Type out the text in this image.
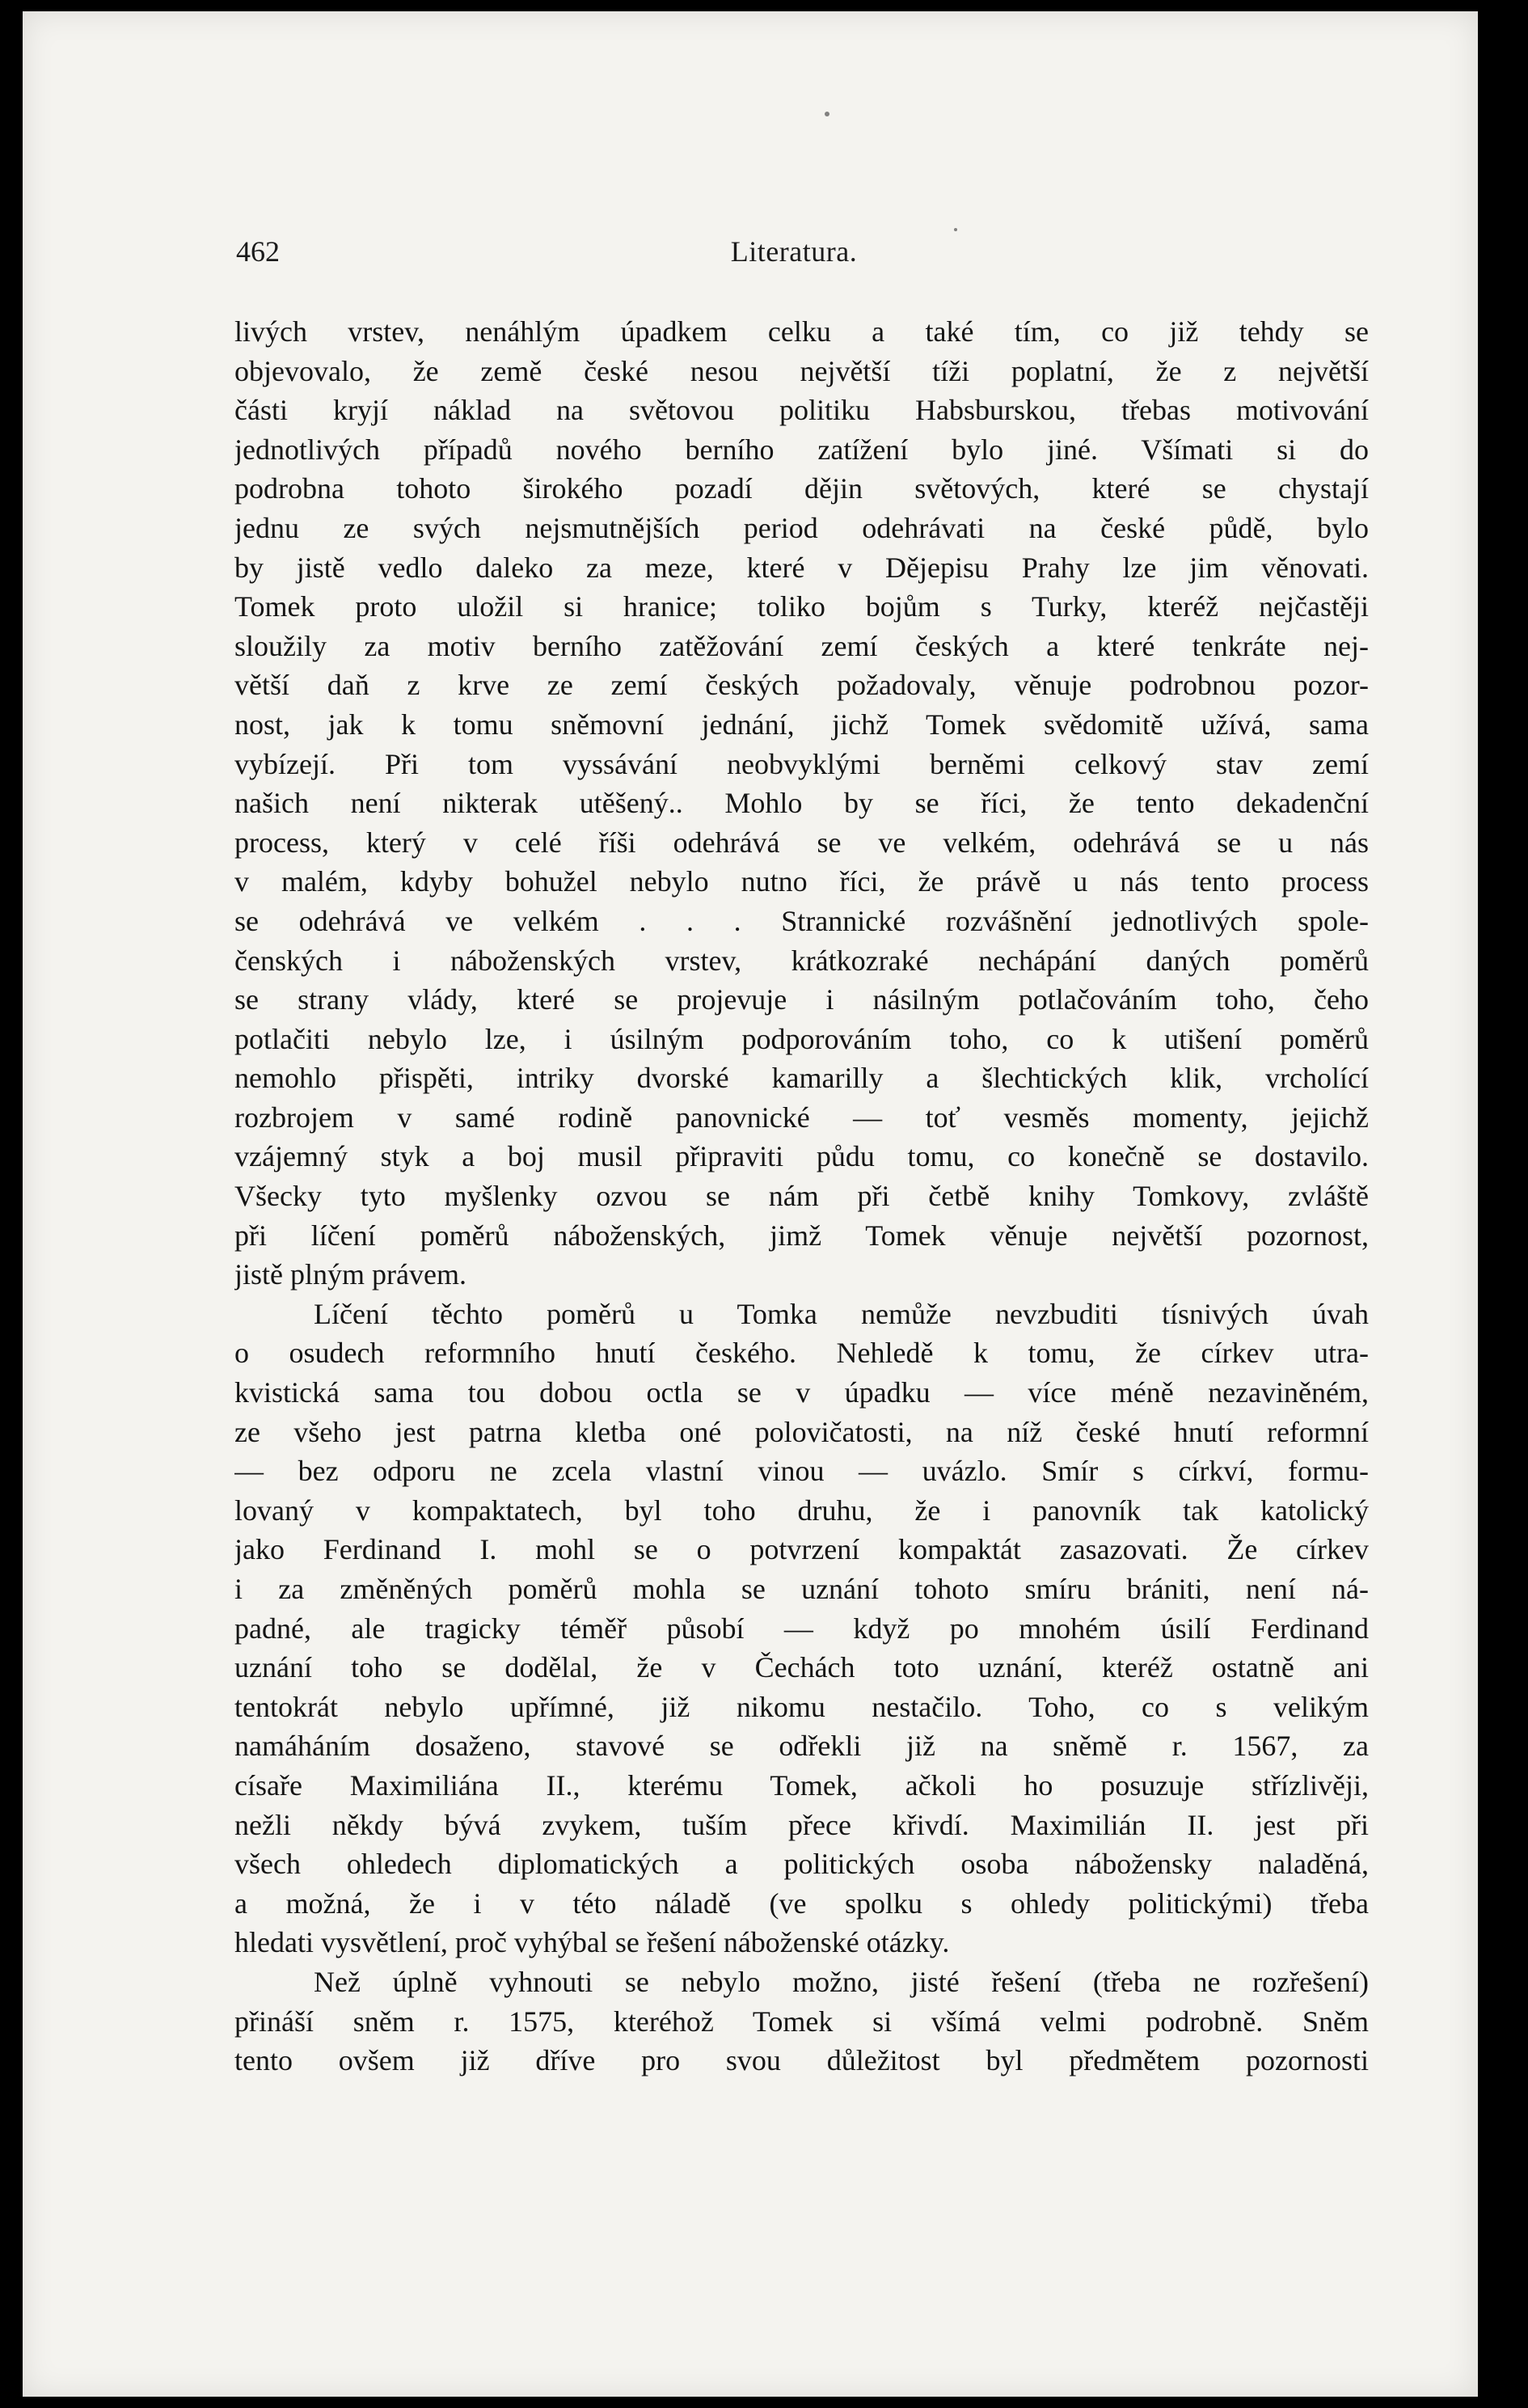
462	Literatura.
livých vrstev, nenáhlým úpadkem celku a také tím, co již tehdy se
objevovalo, že země české nesou největší tíži poplatní, že z největší
části kryjí náklad na světovou politiku Habsburskou, třebas motivování
jednotlivých případů nového berního zatížení bylo jiné. Všímati si do
podrobna tohoto širokého pozadí dějin světových, které se chystají
jednu ze svých nejsmutnějších period odehrávati na české půdě, bylo
by jistě vedlo daleko za meze, které v Dějepisu Prahy lze jim věnovati.
Tomek proto uložil si hranice; toliko bojům s Turky, kteréž nejčastěji
sloužily za motiv berního zatěžování zemí českých a které tenkráte nej-
větší daň z krve ze zemí českých požadovaly, věnuje podrobnou pozor-
nost, jak k tomu sněmovní jednání, jichž Tomek svědomitě užívá, sama
vybízejí. Při tom vyssávání neobvyklými berněmi celkový stav zemí
našich není nikterak utěšený.. Mohlo by se říci, že tento dekadenční
process, který v celé říši odehrává se ve velkém, odehrává se u nás
v malém, kdyby bohužel nebylo nutno říci, že právě u nás tento process
se odehrává ve velkém . . . Strannické rozvášnění jednotlivých spole-
čenských i náboženských vrstev, krátkozraké nechápání daných poměrů
se strany vlády, které se projevuje i násilným potlačováním toho, čeho
potlačiti nebylo lze, i úsilným podporováním toho, co k utišení poměrů
nemohlo přispěti, intriky dvorské kamarilly a šlechtických klik, vrcholící
rozbrojem v samé rodině panovnické — toť vesměs momenty, jejichž
vzájemný styk a boj musil připraviti půdu tomu, co konečně se dostavilo.
Všecky tyto myšlenky ozvou se nám při četbě knihy Tomkovy, zvláště
při líčení poměrů náboženských, jimž Tomek věnuje největší pozornost,
jistě plným právem.
Líčení těchto poměrů u Tomka nemůže nevzbuditi tísnivých úvah
o osudech reformního hnutí českého. Nehledě k tomu, že církev utra-
kvistická sama tou dobou octla se v úpadku — více méně nezaviněném,
ze všeho jest patrna kletba oné polovičatosti, na níž české hnutí reformní
— bez odporu ne zcela vlastní vinou — uvázlo. Smír s církví, formu-
lovaný v kompaktatech, byl toho druhu, že i panovník tak katolický
jako Ferdinand I. mohl se o potvrzení kompaktát zasazovati. Že církev
i za změněných poměrů mohla se uznání tohoto smíru brániti, není ná-
padné, ale tragicky téměř působí — když po mnohém úsilí Ferdinand
uznání toho se dodělal, že v Čechách toto uznání, kteréž ostatně ani
tentokrát nebylo upřímné, již nikomu nestačilo. Toho, co s velikým
namáháním dosaženo, stavové se odřekli již na sněmě r. 1567, za
císaře Maximiliána II., kterému Tomek, ačkoli ho posuzuje střízlivěji,
nežli někdy bývá zvykem, tuším přece křivdí. Maximilián II. jest při
všech ohledech diplomatických a politických osoba nábožensky naladěná,
a možná, že i v této náladě (ve spolku s ohledy politickými) třeba
hledati vysvětlení, proč vyhýbal se řešení náboženské otázky.
Než úplně vyhnouti se nebylo možno, jisté řešení (třeba ne rozřešení)
přináší sněm r. 1575, kteréhož Tomek si všímá velmi podrobně. Sněm
tento ovšem již dříve pro svou důležitost byl předmětem pozornosti
